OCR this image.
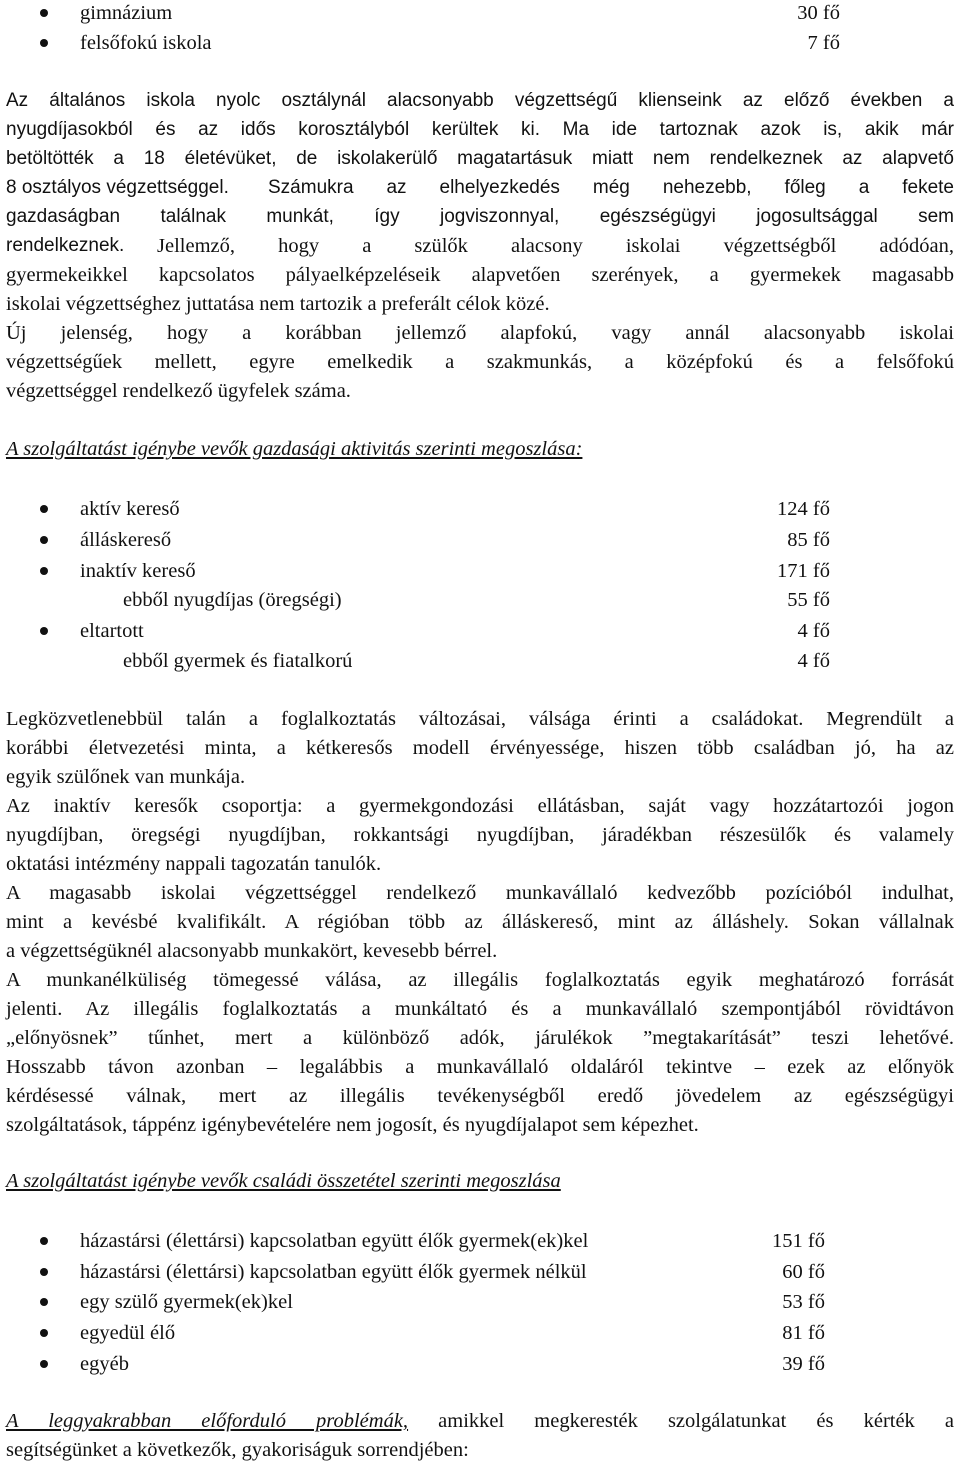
gimnázium	30 fő
felsőfokú iskola	7 fő
Az általános iskola nyolc osztálynál alacsonyabb végzettségű klienseink az előző években a
nyugdíjasokból és az idős korosztályból kerültek ki. Ma ide tartoznak azok is, akik már
betöltötték a 18 életévüket, de iskolakerülő magatartásuk miatt nem rendelkeznek az alapvető
8 osztályos végzettséggel. Számukra az elhelyezkedés még nehezebb, főleg a fekete
gazdaságban találnak munkát, így jogviszonnyal, egészségügyi jogosultsággal sem
rendelkeznek. Jellemző, hogy a szülők alacsony iskolai végzettségből adódóan,
gyermekeikkel kapcsolatos pályaelképzeléseik alapvetően szerények, a gyermekek magasabb
iskolai végzettséghez juttatása nem tartozik a preferált célok közé.
Új jelenség, hogy a korábban jellemző alapfokú, vagy annál alacsonyabb iskolai
végzettségűek mellett, egyre emelkedik a szakmunkás, a középfokú és a felsőfokú
végzettséggel rendelkező ügyfelek száma.
A szolgáltatást igénybe vevők gazdasági aktivitás szerinti megoszlása:
aktív kereső	124 fő
álláskereső	85 fő
inaktív kereső	171 fő
ebből nyugdíjas (öregségi)	55 fő
eltartott	4 fő
ebből gyermek és fiatalkorú	4 fő
Legközvetlenebbül talán a foglalkoztatás változásai, válsága érinti a családokat. Megrendült a
korábbi életvezetési minta, a kétkeresős modell érvényessége, hiszen több családban jó, ha az
egyik szülőnek van munkája.
Az inaktív keresők csoportja: a gyermekgondozási ellátásban, saját vagy hozzátartozói jogon
nyugdíjban, öregségi nyugdíjban, rokkantsági nyugdíjban, járadékban részesülők és valamely
oktatási intézmény nappali tagozatán tanulók.
A magasabb iskolai végzettséggel rendelkező munkavállaló kedvezőbb pozícióból indulhat,
mint a kevésbé kvalifikált. A régióban több az álláskereső, mint az álláshely. Sokan vállalnak
a végzettségüknél alacsonyabb munkakört, kevesebb bérrel.
A munkanélküliség tömegessé válása, az illegális foglalkoztatás egyik meghatározó forrását
jelenti. Az illegális foglalkoztatás a munkáltató és a munkavállaló szempontjából rövidtávon
„előnyösnek” tűnhet, mert a különböző adók, járulékok ”megtakarítását” teszi lehetővé.
Hosszabb távon azonban – legalábbis a munkavállaló oldaláról tekintve – ezek az előnyök
kérdésessé válnak, mert az illegális tevékenységből eredő jövedelem az egészségügyi
szolgáltatások, táppénz igénybevételére nem jogosít, és nyugdíjalapot sem képezhet.
A szolgáltatást igénybe vevők családi összetétel szerinti megoszlása
házastársi (élettársi) kapcsolatban együtt élők gyermek(ek)kel	151 fő
házastársi (élettársi) kapcsolatban együtt élők gyermek nélkül	60 fő
egy szülő gyermek(ek)kel	53 fő
egyedül élő	81 fő
egyéb	39 fő
A leggyakrabban előforduló problémák, amikkel megkeresték szolgálatunkat és kérték a
segítségünket a következők, gyakoriságuk sorrendjében:
